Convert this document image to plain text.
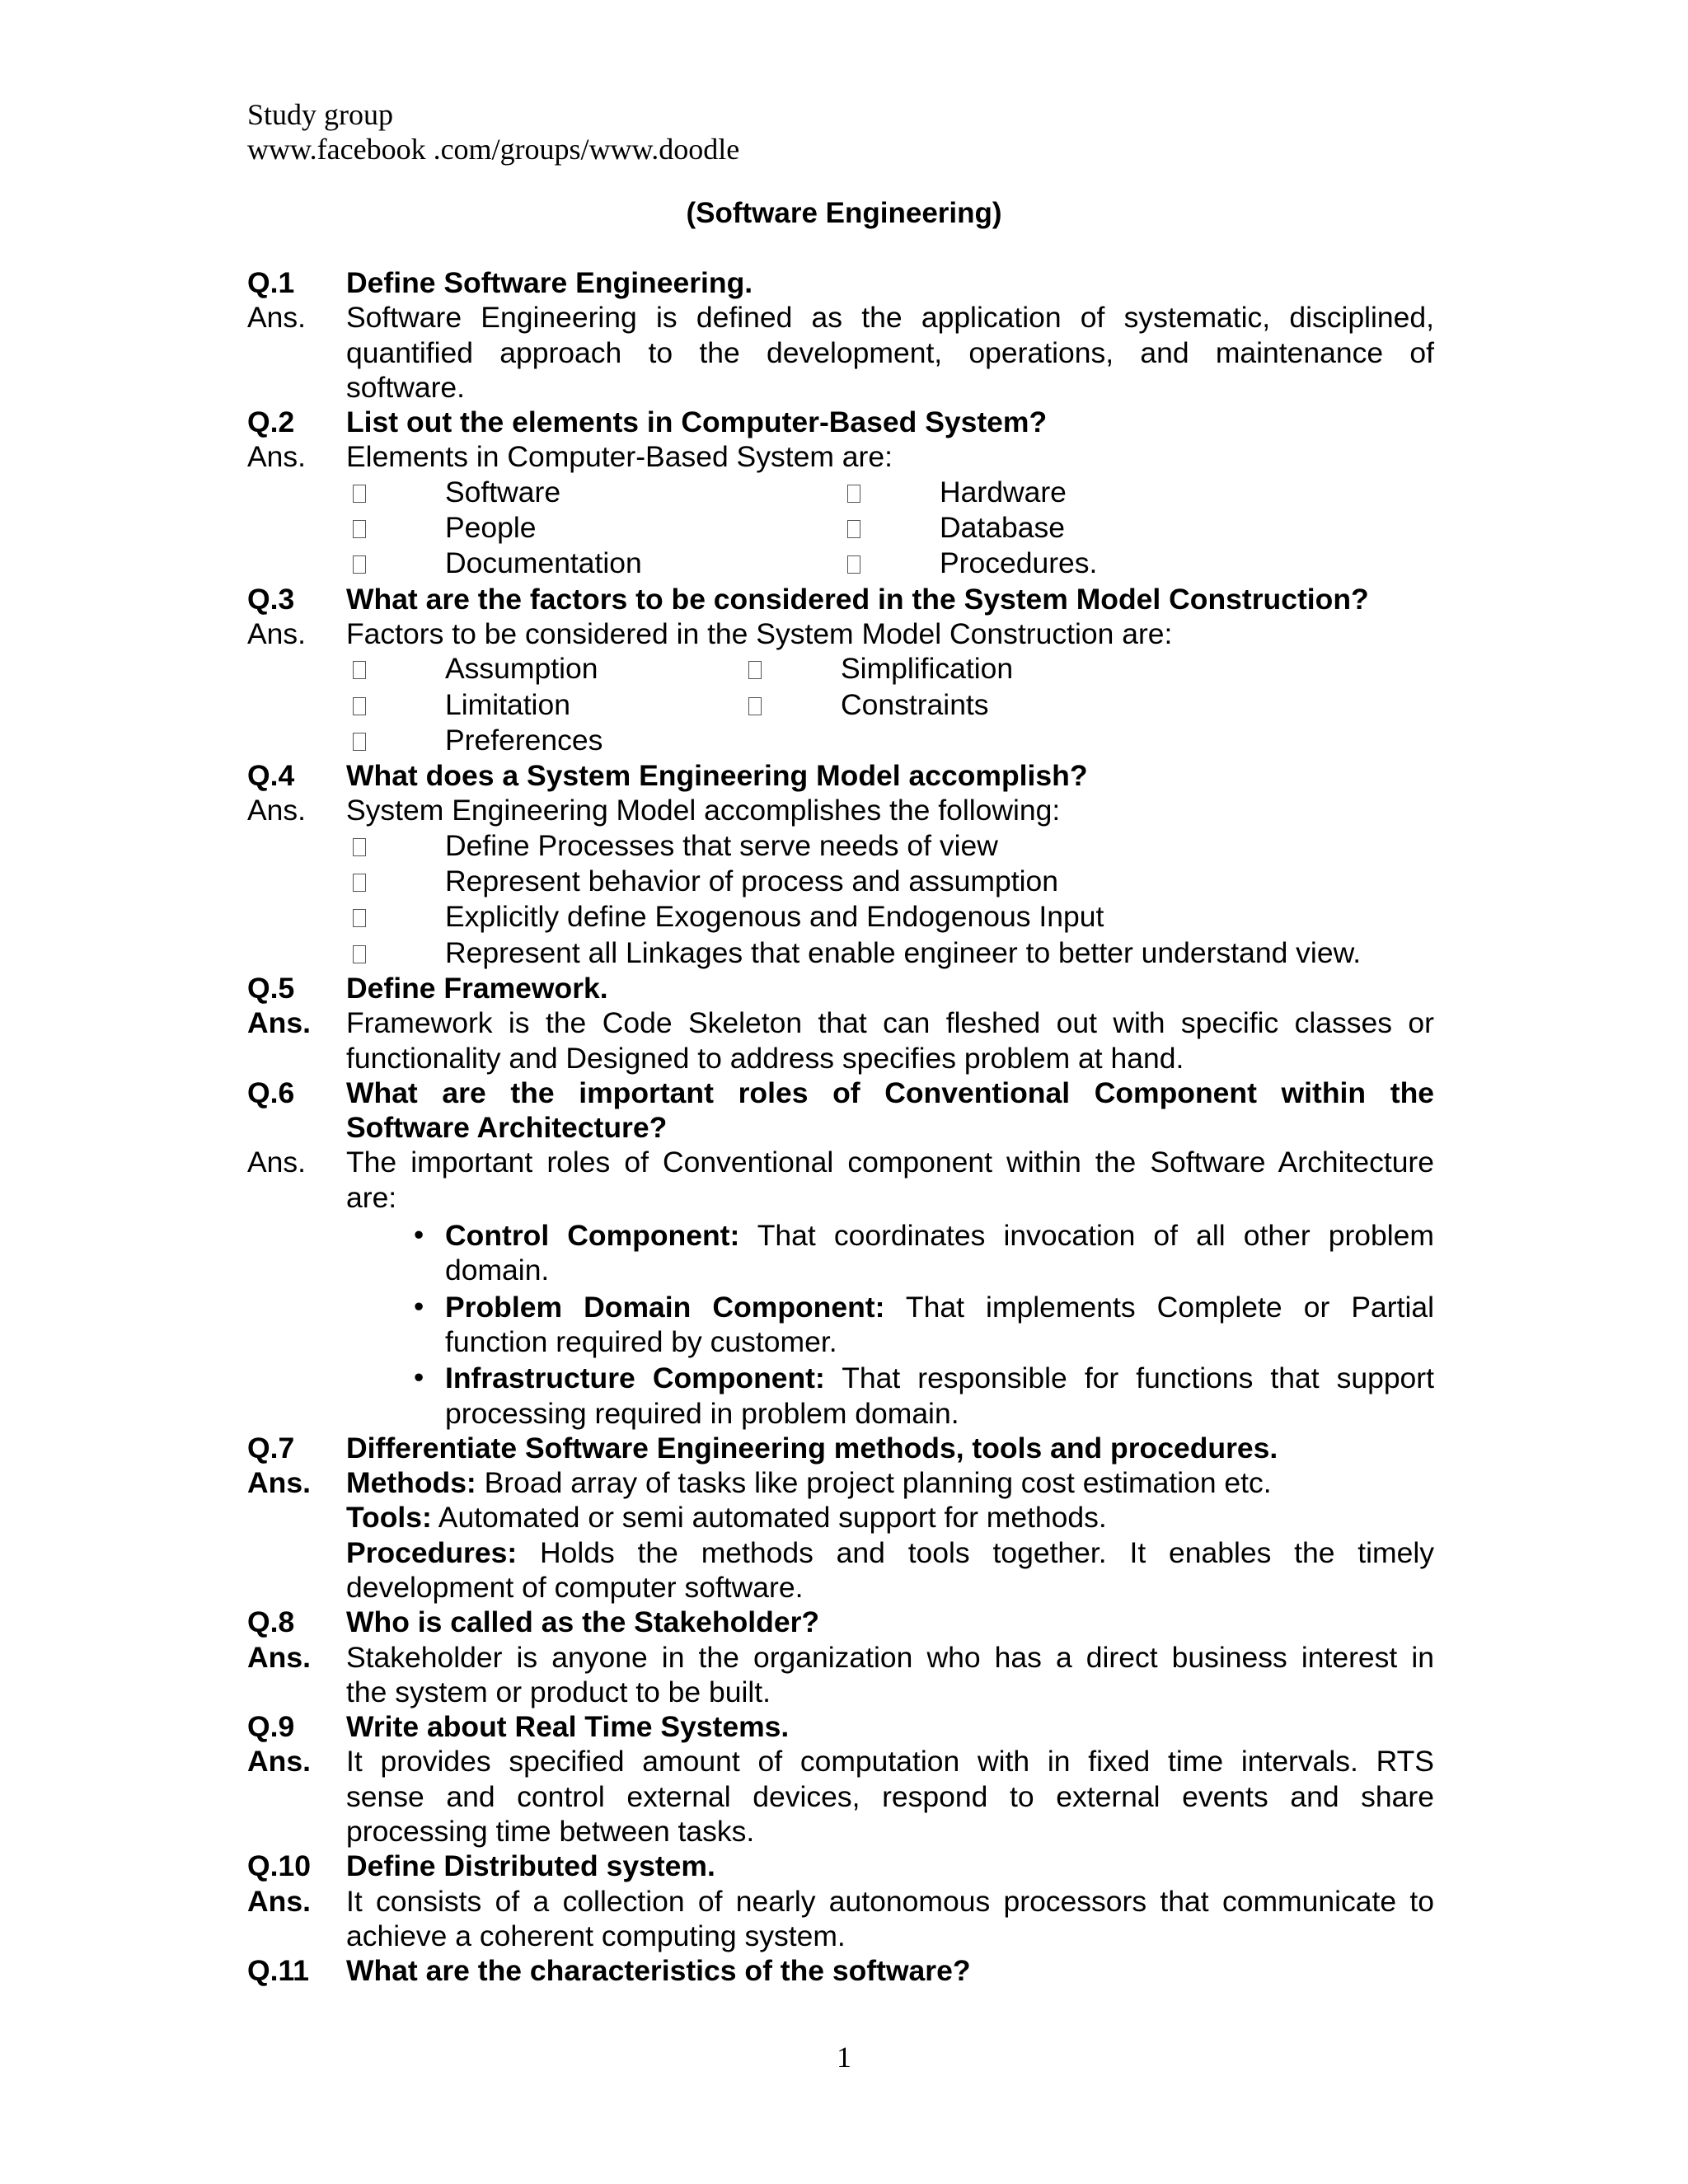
Study group
www.facebook .com/groups/www.doodle
(Software Engineering)
Q.1	Define Software Engineering.
Ans.	Software Engineering is defined as the application of systematic, disciplined,
quantified approach to the development, operations, and maintenance of
software.
Q.2	List out the elements in Computer-Based System?
Ans.	Elements in Computer-Based System are:
Software	Hardware
People	Database
Documentation	Procedures.
Q.3	What are the factors to be considered in the System Model Construction?
Ans.	Factors to be considered in the System Model Construction are:
Assumption	Simplification
Limitation	Constraints
Preferences
Q.4	What does a System Engineering Model accomplish?
Ans.	System Engineering Model accomplishes the following:
Define Processes that serve needs of view
Represent behavior of process and assumption
Explicitly define Exogenous and Endogenous Input
Represent all Linkages that enable engineer to better understand view.
Q.5	Define Framework.
Ans.	Framework is the Code Skeleton that can fleshed out with specific classes or
functionality and Designed to address specifies problem at hand.
Q.6	What are the important roles of Conventional Component within the
Software Architecture?
Ans.	The important roles of Conventional component within the Software Architecture
are:
• Control Component: That coordinates invocation of all other problem
domain.
• Problem Domain Component: That implements Complete or Partial
function required by customer.
• Infrastructure Component: That responsible for functions that support
processing required in problem domain.
Q.7	Differentiate Software Engineering methods, tools and procedures.
Ans.	Methods: Broad array of tasks like project planning cost estimation etc.
Tools: Automated or semi automated support for methods.
Procedures: Holds the methods and tools together. It enables the timely
development of computer software.
Q.8	Who is called as the Stakeholder?
Ans.	Stakeholder is anyone in the organization who has a direct business interest in
the system or product to be built.
Q.9	Write about Real Time Systems.
Ans.	It provides specified amount of computation with in fixed time intervals. RTS
sense and control external devices, respond to external events and share
processing time between tasks.
Q.10	Define Distributed system.
Ans.	It consists of a collection of nearly autonomous processors that communicate to
achieve a coherent computing system.
Q.11	What are the characteristics of the software?
1
